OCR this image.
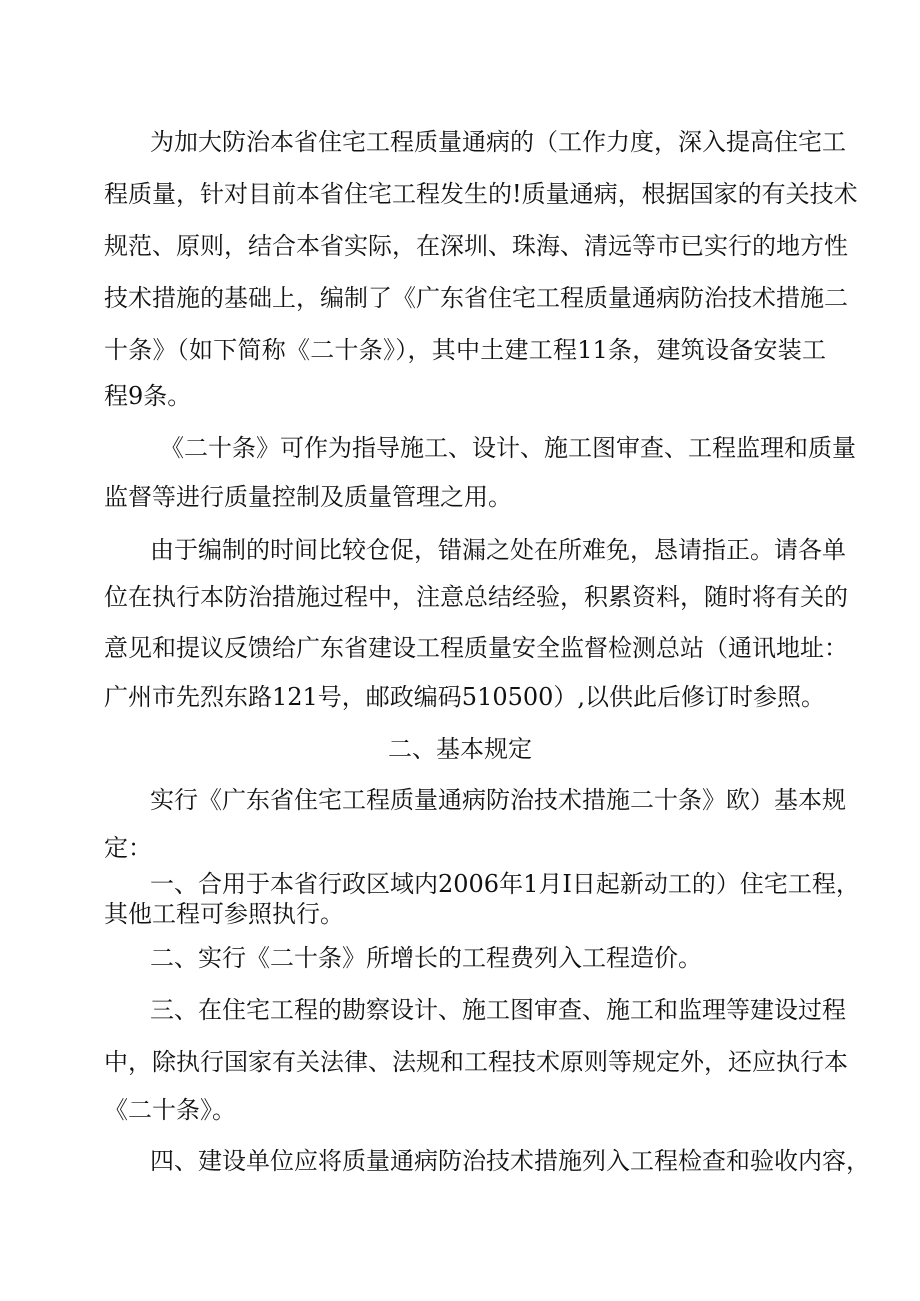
为加大防治本省住宅工程质量通病的（工作力度，深入提高住宅工
程质量，针对目前本省住宅工程发生的!质量通病，根据国家的有关技术
规范、原则，结合本省实际，在深圳、珠海、清远等市已实行的地方性
技术措施的基础上，编制了《广东省住宅工程质量通病防治技术措施二
十条》（如下简称《二十条》），其中土建工程11条，建筑设备安装工
程9条。
《二十条》可作为指导施工、设计、施工图审查、工程监理和质量
监督等进行质量控制及质量管理之用。
由于编制的时间比较仓促，错漏之处在所难免，恳请指正。请各单
位在执行本防治措施过程中，注意总结经验，积累资料，随时将有关的
意见和提议反馈给广东省建设工程质量安全监督检测总站（通讯地址：
广州市先烈东路121号，邮政编码510500）,以供此后修订时参照。
二、基本规定
实行《广东省住宅工程质量通病防治技术措施二十条》欧）基本规
定：
一、合用于本省行政区域内2006年1月I日起新动工的）住宅工程，
其他工程可参照执行。
二、实行《二十条》所增长的工程费列入工程造价。
三、在住宅工程的勘察设计、施工图审查、施工和监理等建设过程
中，除执行国家有关法律、法规和工程技术原则等规定外，还应执行本
《二十条》。
四、建设单位应将质量通病防治技术措施列入工程检查和验收内容，
